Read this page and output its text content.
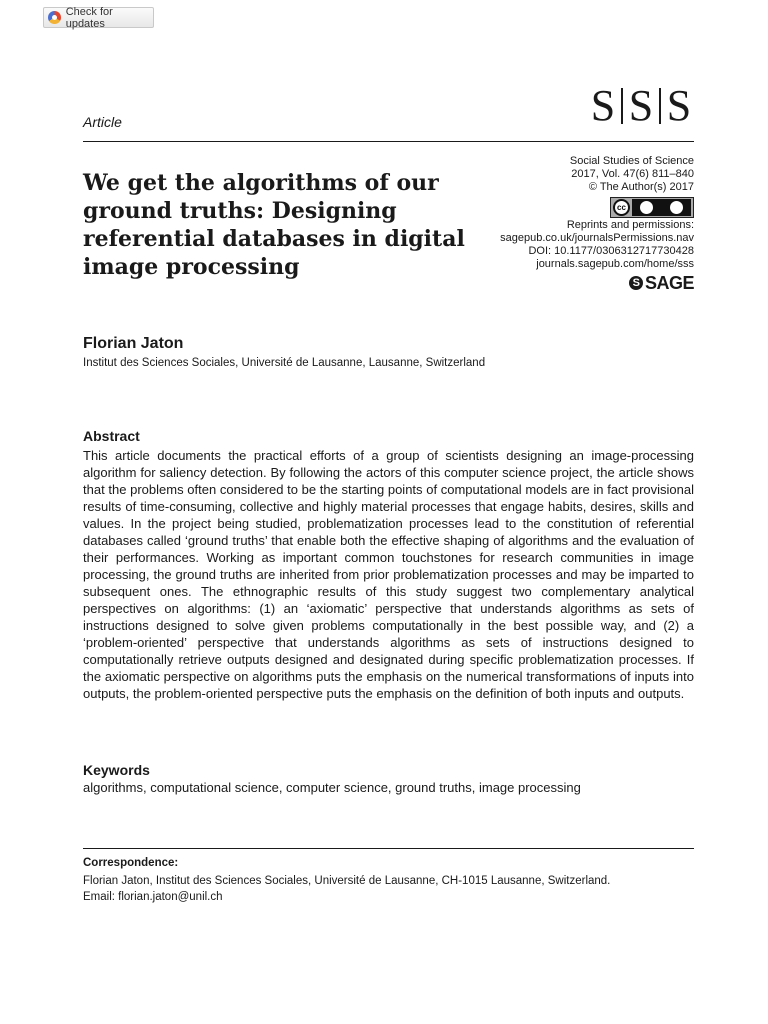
Check for updates
Article	S S S
We get the algorithms of our ground truths: Designing referential databases in digital image processing
Social Studies of Science
2017, Vol. 47(6) 811–840
© The Author(s) 2017
cc
Reprints and permissions:
sagepub.co.uk/journalsPermissions.nav
DOI: 10.1177/0306312717730428
journals.sagepub.com/home/sss
S SAGE
Florian Jaton
Institut des Sciences Sociales, Université de Lausanne, Lausanne, Switzerland
Abstract

This article documents the practical efforts of a group of scientists designing an image-processing algorithm for saliency detection. By following the actors of this computer science project, the article shows that the problems often considered to be the starting points of computational models are in fact provisional results of time-consuming, collective and highly material processes that engage habits, desires, skills and values. In the project being studied, problematization processes lead to the constitution of referential databases called ‘ground truths’ that enable both the effective shaping of algorithms and the evaluation of their performances. Working as important common touchstones for research communities in image processing, the ground truths are inherited from prior problematization processes and may be imparted to subsequent ones. The ethnographic results of this study suggest two complementary analytical perspectives on algorithms: (1) an ‘axiomatic’ perspective that understands algorithms as sets of instructions designed to solve given problems computationally in the best possible way, and (2) a ‘problem-oriented’ perspective that understands algorithms as sets of instructions designed to computationally retrieve outputs designed and designated during specific problematization processes. If the axiomatic perspective on algorithms puts the emphasis on the numerical transformations of inputs into outputs, the problem-oriented perspective puts the emphasis on the definition of both inputs and outputs.

Keywords
algorithms, computational science, computer science, ground truths, image processing
Correspondence:
Florian Jaton, Institut des Sciences Sociales, Université de Lausanne, CH-1015 Lausanne, Switzerland.
Email: florian.jaton@unil.ch
